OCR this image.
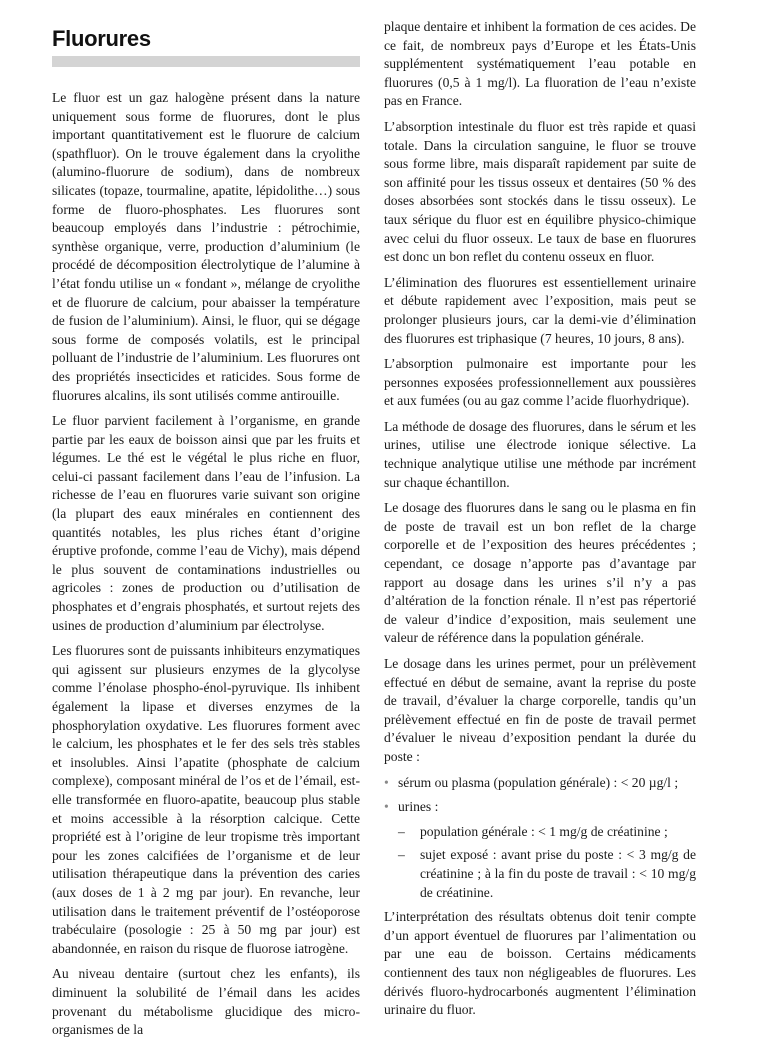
Fluorures

Le fluor est un gaz halogène présent dans la nature uniquement sous forme de fluorures, dont le plus important quantitativement est le fluorure de calcium (spathfluor). On le trouve également dans la cryolithe (alumino-fluorure de sodium), dans de nombreux silicates (topaze, tourmaline, apatite, lépidolithe…) sous forme de fluoro-phosphates. Les fluorures sont beaucoup employés dans l’industrie : pétrochimie, synthèse organique, verre, production d’aluminium (le procédé de décomposition électrolytique de l’alumine à l’état fondu utilise un « fondant », mélange de cryolithe et de fluorure de calcium, pour abaisser la température de fusion de l’aluminium). Ainsi, le fluor, qui se dégage sous forme de composés volatils, est le principal polluant de l’industrie de l’aluminium. Les fluorures ont des propriétés insecticides et raticides. Sous forme de fluorures alcalins, ils sont utilisés comme antirouille.

Le fluor parvient facilement à l’organisme, en grande partie par les eaux de boisson ainsi que par les fruits et légumes. Le thé est le végétal le plus riche en fluor, celui-ci passant facilement dans l’eau de l’infusion. La richesse de l’eau en fluorures varie suivant son origine (la plupart des eaux minérales en contiennent des quantités notables, les plus riches étant d’origine éruptive profonde, comme l’eau de Vichy), mais dépend le plus souvent de contaminations industrielles ou agricoles : zones de production ou d’utilisation de phosphates et d’engrais phosphatés, et surtout rejets des usines de production d’aluminium par électrolyse.

Les fluorures sont de puissants inhibiteurs enzymatiques qui agissent sur plusieurs enzymes de la glycolyse comme l’énolase phospho-énol-pyruvique. Ils inhibent également la lipase et diverses enzymes de la phosphorylation oxydative. Les fluorures forment avec le calcium, les phosphates et le fer des sels très stables et insolubles. Ainsi l’apatite (phosphate de calcium complexe), composant minéral de l’os et de l’émail, est-elle transformée en fluoro-apatite, beaucoup plus stable et moins accessible à la résorption calcique. Cette propriété est à l’origine de leur tropisme très important pour les zones calcifiées de l’organisme et de leur utilisation thérapeutique dans la prévention des caries (aux doses de 1 à 2 mg par jour). En revanche, leur utilisation dans le traitement préventif de l’ostéoporose trabéculaire (posologie : 25 à 50 mg par jour) est abandonnée, en raison du risque de fluorose iatrogène.

Au niveau dentaire (surtout chez les enfants), ils diminuent la solubilité de l’émail dans les acides provenant du métabolisme glucidique des micro-organismes de la

plaque dentaire et inhibent la formation de ces acides. De ce fait, de nombreux pays d’Europe et les États-Unis supplémentent systématiquement l’eau potable en fluorures (0,5 à 1 mg/l). La fluoration de l’eau n’existe pas en France.

L’absorption intestinale du fluor est très rapide et quasi totale. Dans la circulation sanguine, le fluor se trouve sous forme libre, mais disparaît rapidement par suite de son affinité pour les tissus osseux et dentaires (50 % des doses absorbées sont stockés dans le tissu osseux). Le taux sérique du fluor est en équilibre physico-chimique avec celui du fluor osseux. Le taux de base en fluorures est donc un bon reflet du contenu osseux en fluor.

L’élimination des fluorures est essentiellement urinaire et débute rapidement avec l’exposition, mais peut se prolonger plusieurs jours, car la demi-vie d’élimination des fluorures est triphasique (7 heures, 10 jours, 8 ans).

L’absorption pulmonaire est importante pour les personnes exposées professionnellement aux poussières et aux fumées (ou au gaz comme l’acide fluorhydrique).

La méthode de dosage des fluorures, dans le sérum et les urines, utilise une électrode ionique sélective. La technique analytique utilise une méthode par incrément sur chaque échantillon.

Le dosage des fluorures dans le sang ou le plasma en fin de poste de travail est un bon reflet de la charge corporelle et de l’exposition des heures précédentes ; cependant, ce dosage n’apporte pas d’avantage par rapport au dosage dans les urines s’il n’y a pas d’altération de la fonction rénale. Il n’est pas répertorié de valeur d’indice d’exposition, mais seulement une valeur de référence dans la population générale.

Le dosage dans les urines permet, pour un prélèvement effectué en début de semaine, avant la reprise du poste de travail, d’évaluer la charge corporelle, tandis qu’un prélèvement effectué en fin de poste de travail permet d’évaluer le niveau d’exposition pendant la durée du poste :

• sérum ou plasma (population générale) : < 20 µg/l ;
• urines :
– population générale : < 1 mg/g de créatinine ;
– sujet exposé : avant prise du poste : < 3 mg/g de créatinine ; à la fin du poste de travail : < 10 mg/g de créatinine.

L’interprétation des résultats obtenus doit tenir compte d’un apport éventuel de fluorures par l’alimentation ou par une eau de boisson. Certains médicaments contiennent des taux non négligeables de fluorures. Les dérivés fluoro-hydrocarbonés augmentent l’élimination urinaire du fluor.
